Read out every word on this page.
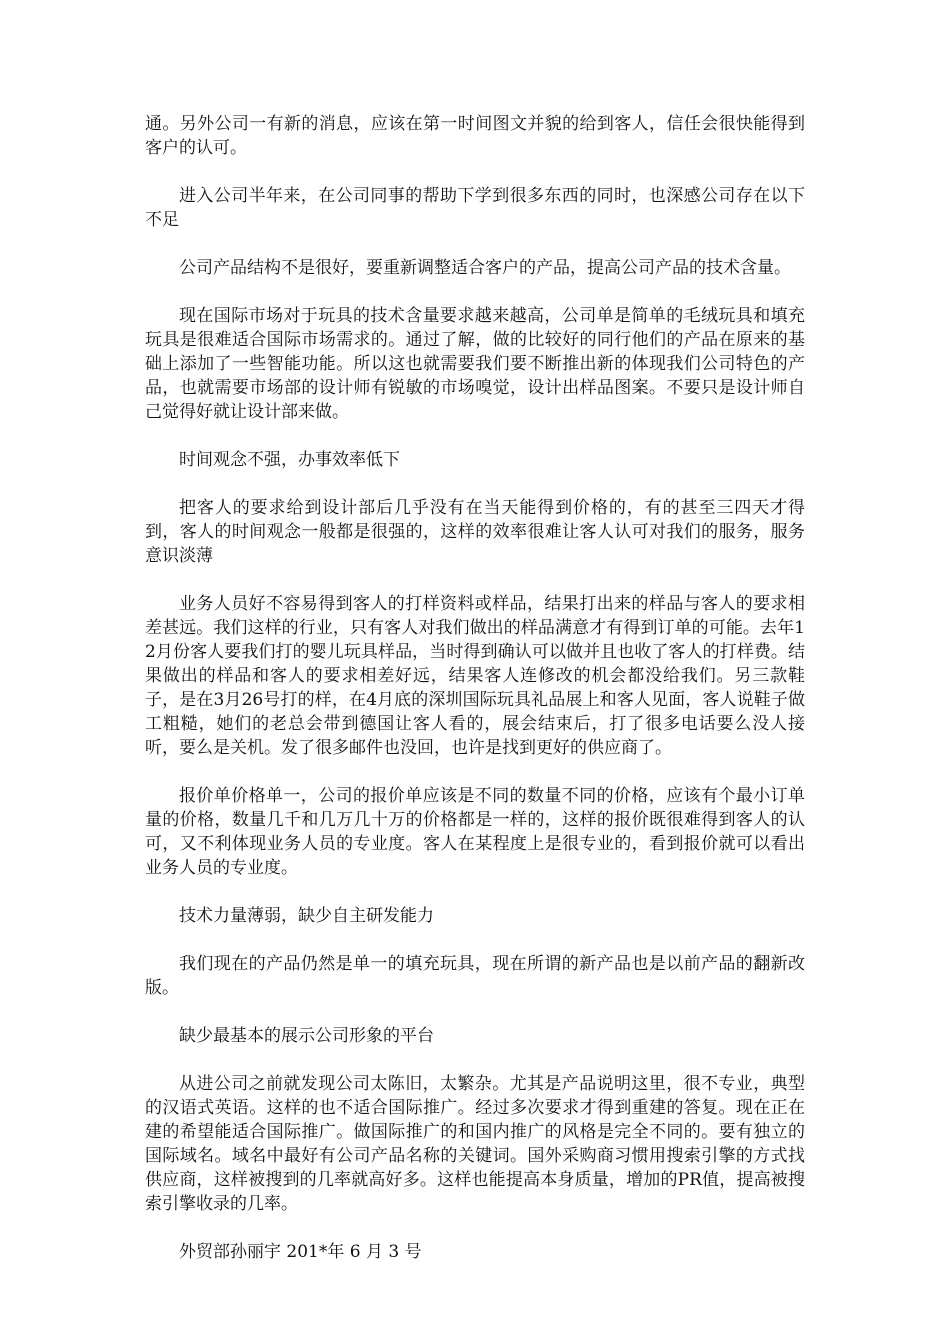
通。另外公司一有新的消息，应该在第一时间图文并貌的给到客人，信任会很快能得到客户的认可。

进入公司半年来，在公司同事的帮助下学到很多东西的同时，也深感公司存在以下不足

公司产品结构不是很好，要重新调整适合客户的产品，提高公司产品的技术含量。

现在国际市场对于玩具的技术含量要求越来越高，公司单是简单的毛绒玩具和填充玩具是很难适合国际市场需求的。通过了解，做的比较好的同行他们的产品在原来的基础上添加了一些智能功能。所以这也就需要我们要不断推出新的体现我们公司特色的产品，也就需要市场部的设计师有锐敏的市场嗅觉，设计出样品图案。不要只是设计师自己觉得好就让设计部来做。

时间观念不强，办事效率低下

把客人的要求给到设计部后几乎没有在当天能得到价格的，有的甚至三四天才得到，客人的时间观念一般都是很强的，这样的效率很难让客人认可对我们的服务，服务意识淡薄

业务人员好不容易得到客人的打样资料或样品，结果打出来的样品与客人的要求相差甚远。我们这样的行业，只有客人对我们做出的样品满意才有得到订单的可能。去年12月份客人要我们打的婴儿玩具样品，当时得到确认可以做并且也收了客人的打样费。结果做出的样品和客人的要求相差好远，结果客人连修改的机会都没给我们。另三款鞋子，是在3月26号打的样，在4月底的深圳国际玩具礼品展上和客人见面，客人说鞋子做工粗糙，她们的老总会带到德国让客人看的，展会结束后，打了很多电话要么没人接听，要么是关机。发了很多邮件也没回，也许是找到更好的供应商了。

报价单价格单一，公司的报价单应该是不同的数量不同的价格，应该有个最小订单量的价格，数量几千和几万几十万的价格都是一样的，这样的报价既很难得到客人的认可，又不利体现业务人员的专业度。客人在某程度上是很专业的，看到报价就可以看出业务人员的专业度。

技术力量薄弱，缺少自主研发能力

我们现在的产品仍然是单一的填充玩具，现在所谓的新产品也是以前产品的翻新改版。

缺少最基本的展示公司形象的平台

从进公司之前就发现公司太陈旧，太繁杂。尤其是产品说明这里，很不专业，典型的汉语式英语。这样的也不适合国际推广。经过多次要求才得到重建的答复。现在正在建的希望能适合国际推广。做国际推广的和国内推广的风格是完全不同的。要有独立的国际域名。域名中最好有公司产品名称的关键词。国外采购商习惯用搜索引擎的方式找供应商，这样被搜到的几率就高好多。这样也能提高本身质量，增加的PR值，提高被搜索引擎收录的几率。

外贸部孙丽宇 201*年 6 月 3 号
